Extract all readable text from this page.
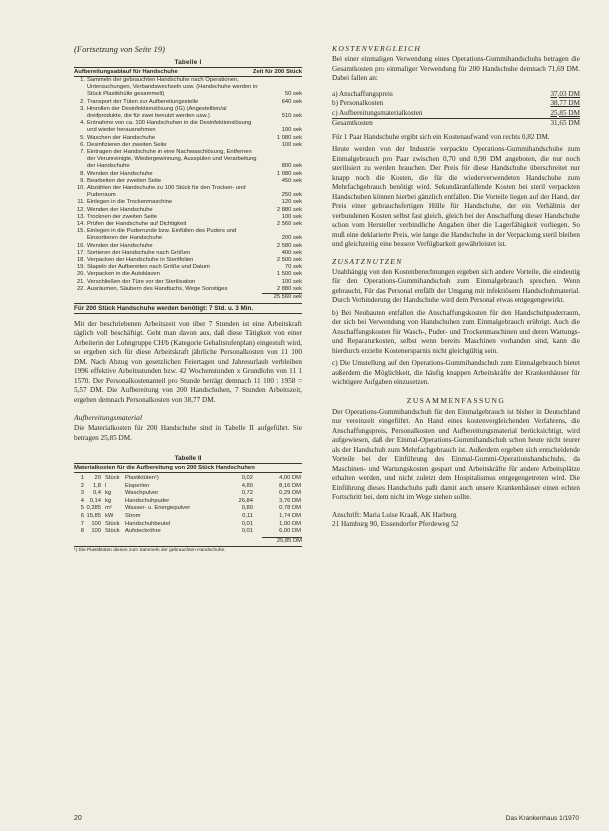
(Fortsetzung von Seite 19)

Tabelle I

Aufbereitungsablauf für Handschuhe	Zeit für 200 Stück
1. Sammeln der gebrauchten Handschuhe nach Operationen, Untersuchungen, Verbandswechseln usw. (Handschuhe werden in Stück Plastikhülle gesammelt)	50 sek
2. Transport der Tüten zur Aufbereitungsstelle	640 sek
3. Hinrollen der Desinfektionslösung (IG) (Angestellten/al dreifprodukte, die für zwei benutzt werden usw.)	510 sek
4. Entnahme von ca. 100 Handschuhen in die Desinfektionslösung und wieder herausnehmen	100 sek
5. Waschen der Handschuhe	1 080 sek
6. Desinfizieren der zweiten Seite	100 sek
7. Eintragen der Handschuhe in eine Nachwaschlösung, Entfernen der Verunreinigte, Wiedergewinnung, Ausspülen und Verarbeitung der Handschuhe	800 sek
8. Wenden der Handschuhe	1 080 sek
9. Bearbeiten der zweiten Seite	450 sek
10. Abzählen der Handschuhe zu 100 Stück für den Trocken- und Puderraum	250 sek
11. Einlegen in die Trockenmaschine	120 sek
12. Wenden der Handschuhe	2 880 sek
13. Trocknen der zweiten Seite	100 sek
14. Prüfen der Handschuhe auf Dichtigkeit	2 560 sek
15. Einlegen in die Puderrunde bzw. Einfüllen des Puders und Einsortieren der Handschuhe	200 sek
16. Wenden der Handschuhe	2 580 sek
17. Sortieren der Handschuhe nach Größen	400 sek
18. Verpacken der Handschuhe in Sterilfolien	2 500 sek
19. Stapeln der Aufbereiten nach Größe und Datum	70 sek
20. Verpacken in die Autoklaven	1 500 sek
21. Verschließen der Türe vor der Sterilisation	100 sek
22. Ausräumen, Säubern des Handtuchs, Wege Sonstiges	2 880 sek
25 560 sek
Für 200 Stück Handschuhe werden benötigt: 7 Std. u. 3 Min.

Mit der beschriebenen Arbeitszeit von über 7 Stunden ist eine Arbeitskraft täglich voll beschäftigt. Geht man davon aus, daß diese Tätigkeit von einer Arbeiterin der Lohngruppe CH/b (Kategorie Gehaltstufenplan) eingestuft wird, so ergeben sich für diese Arbeitskraft jährliche Personalkosten von 11 100 DM. Nach Abzug von gesetzlichen Feiertagen und Jahresurlaub verbleiben 1996 effektive Arbeitsstunden bzw. 42 Wochenstunden x Grundlohn von 11 1 1570. Der Personalkostenanteil pro Stunde beträgt demnach 11 100 : 1958 = 5,57 DM. Die Aufbereitung von 200 Handschuhen, 7 Stunden Arbeitszeit, ergeben demnach Personalkosten von 38,77 DM.

Aufbereitungsmaterial

Die Materialkosten für 200 Handschuhe sind in Tabelle II aufgeführt. Sie betragen 25,85 DM.

Tabelle II

Materialkosten für die Aufbereitung von 200 Stück Handschuhen
1	20 Stück Plastiktüten¹)	0,02	4,00 DM
2	1,8 l	Eisperlen	4,80	8,16 DM
3	0,4 kg	Waschpulver	0,72	0,29 DM
4 0,14 kg	Handschuhpuder	26,84	3,76 DM
5 0,285 m²	Wasser- u. Energiepulver	0,80	0,78 DM
6 15,85 kW	Strom	0,11	1,74 DM
7	100 Stück Handschuhbeutel	0,01	1,00 DM
8	100 Stück Aufsteckröhre	0,01	6,00 DM
25,85 DM
¹) Die Plastiktüten dienen zum Sammeln der gebrauchten Handschuhe.

KOSTENVERGLEICH

Bei einer einmaligen Verwendung eines Operations-Gummihandschuhs betragen die Gesamtkosten pro einmaliger Verwendung für 200 Handschuhe demnach 71,69 DM. Dabei fallen an:

a) Anschaffungspreis	37,03 DM
b) Personalkosten	38,77 DM
c) Aufbereitungsmaterialkosten	25,85 DM
Gesamtkosten	31,65 DM

Für 1 Paar Handschuhe ergibt sich ein Kostenaufwand von rechts 0,82 DM.

Heute werden von der Industrie verpackte Operations-Gummihandschuhe zum Einmalgebrauch pro Paar zwischen 0,70 und 0,90 DM angeboten, die nur noch sterilisiert zu werden brauchen. Der Preis für diese Handschuhe überschreitet nur knapp noch die Kosten, die für die wiederverwendeten Handschuhe zum Mehrfachgebrauch benötigt wird. Sekundäranfallende Kosten bei steril verpackten Handschuhen können hierbei gänzlich entfallen. Die Vorteile liegen auf der Hand, der Preis einer gebrauchsfertigen Hülle für Handschuhe, der ein Verhältnis der verbundenen Kosten selbst fast gleich, gleich bei der Anschaffung dieser Handschuhe schon vom Hersteller verbindliche Angaben über die Lagerfähigkeit vorliegen. So muß eine deklarierte Preis, wie lange die Handschuhe in der Verpackung steril bleiben und gleichzeitig eine bessere Verfügbarkeit gewährleistet ist.

ZUSATZNUTZEN

Unabhängig von den Kostenberechnungen ergeben sich andere Vorteile, die eindeutig für den Operations-Gummihandschuh zum Einmalgebrauch sprechen. Wenn gebraucht, Für das Personal entfällt der Umgang mit infektiösem Handschuhmaterial. Durch Verhinderung der Handschuhe wird dem Personal etwas entgegengewirkt.

b) Bei Neubauten entfallen die Anschaffungskosten für den Handschuhpuderraum, der sich bei Verwendung von Handschuhen zum Einmalgebrauch erübrigt. Auch die Anschaffungskosten für Wasch-, Puder- und Trockenmaschinen und deren Wartungs- und Reparaturkosten, selbst wenn bereits Maschinen vorhanden sind, kann die hierdurch erzielte Kostenersparnis nicht gleichgültig sein.

c) Die Umstellung auf den Operations-Gummihandschuh zum Einmalgebrauch bietet außerdem die Möglichkeit, die häufig knappen Arbeitskräfte der Krankenhäuser für wichtigere Aufgaben einzusetzen.

ZUSAMMENFASSUNG

Der Operations-Gummihandschuh für den Einmalgebrauch ist bisher in Deutschland nur vereinzelt eingeführt. An Hand eines kostenvergleichenden Verfahrens, die Anschaffungspreis, Personalkosten und Aufbereitungsmaterial berücksichtigt, wird aufgewiesen, daß der Einmal-Operations-Gummihandschuh schon heute nicht teurer als der Handschuh zum Mehrfachgebrauch ist. Außerdem ergeben sich entscheidende Vorteile bei der Einführung des Einmal-Gummi-Operationshandschuhs, da Maschinen- und Wartungskosten gespart und Arbeitskräfte für andere Arbeitsplätze erhalten werden, und nicht zuletzt dem Hospitalismus entgegengetreten wird. Die Einführung dieses Handschuhs paßt damit auch unsere Krankenhäuser einen echten Fortschritt bei, dem nicht im Wege stehen sollte.

Anschrift: Maria Luise Kraaß, AK Harburg
21 Hamburg 90, Eissendorfer Pferdeweg 52
20	Das Krankenhaus 1/1970
